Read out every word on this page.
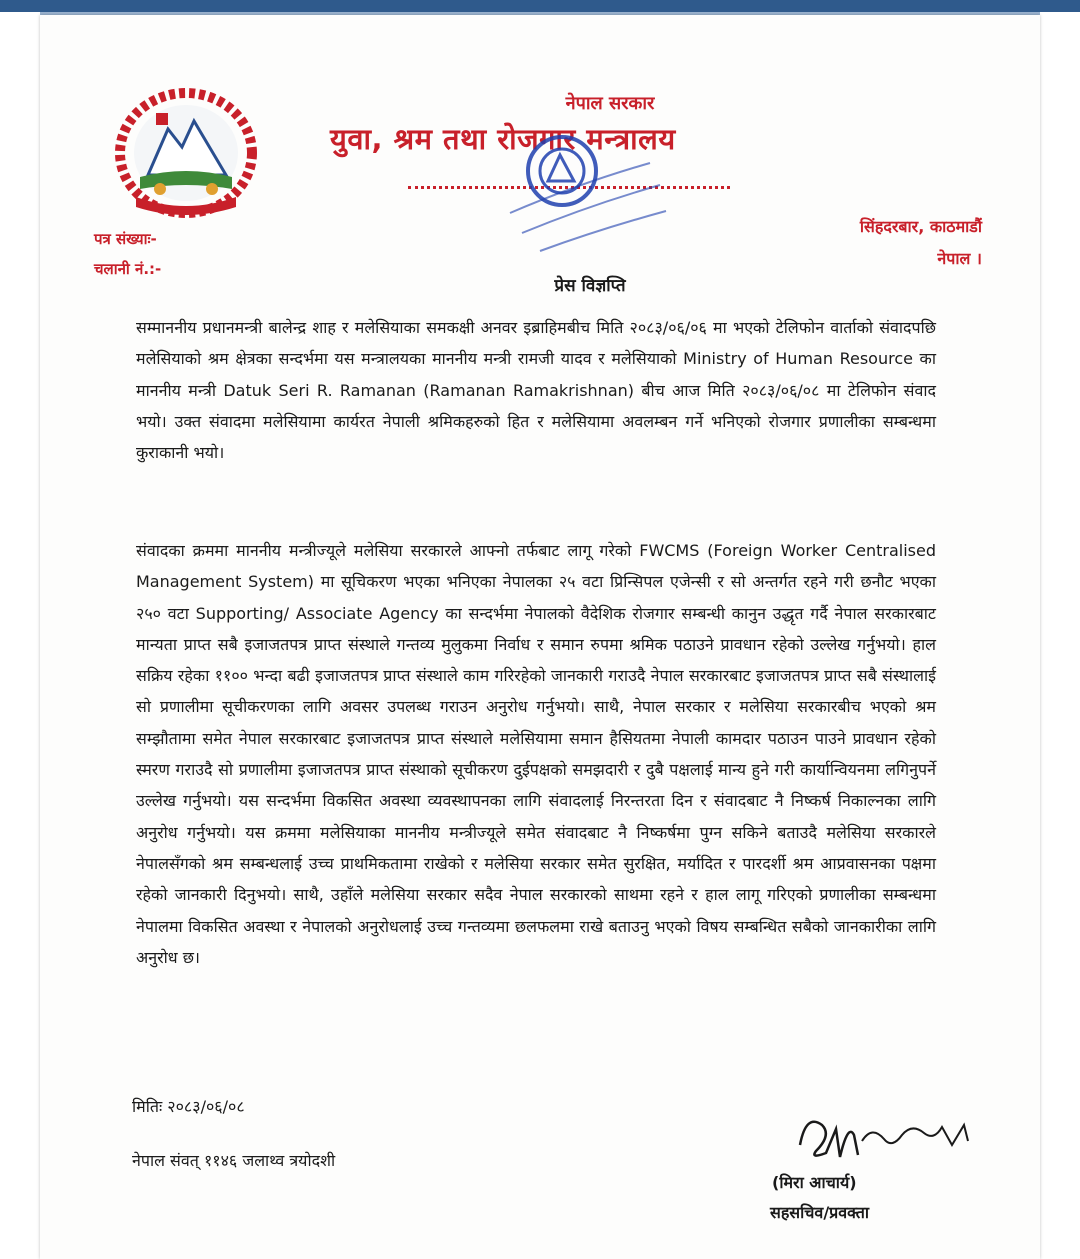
नेपाल सरकार
युवा, श्रम तथा रोजगार मन्त्रालय
पत्र संख्याः-
चलानी नं.:-
सिंहदरबार, काठमाडौं
नेपाल ।
प्रेस विज्ञप्ति

सम्माननीय प्रधानमन्त्री बालेन्द्र शाह र मलेसियाका समकक्षी अनवर इब्राहिमबीच मिति २०८३/०६/०६ मा भएको टेलिफोन वार्ताको संवादपछि मलेसियाको श्रम क्षेत्रका सन्दर्भमा यस मन्त्रालयका माननीय मन्त्री रामजी यादव र मलेसियाको Ministry of Human Resource का माननीय मन्त्री Datuk Seri R. Ramanan (Ramanan Ramakrishnan) बीच आज मिति २०८३/०६/०८ मा टेलिफोन संवाद भयो। उक्त संवादमा मलेसियामा कार्यरत नेपाली श्रमिकहरुको हित र मलेसियामा अवलम्बन गर्ने भनिएको रोजगार प्रणालीका सम्बन्धमा कुराकानी भयो।

संवादका क्रममा माननीय मन्त्रीज्यूले मलेसिया सरकारले आफ्नो तर्फबाट लागू गरेको FWCMS (Foreign Worker Centralised Management System) मा सूचिकरण भएका भनिएका नेपालका २५ वटा प्रिन्सिपल एजेन्सी र सो अन्तर्गत रहने गरी छनौट भएका २५० वटा Supporting/ Associate Agency का सन्दर्भमा नेपालको वैदेशिक रोजगार सम्बन्धी कानुन उद्धृत गर्दै नेपाल सरकारबाट मान्यता प्राप्त सबै इजाजतपत्र प्राप्त संस्थाले गन्तव्य मुलुकमा निर्वाध र समान रुपमा श्रमिक पठाउने प्रावधान रहेको उल्लेख गर्नुभयो। हाल सक्रिय रहेका ११०० भन्दा बढी इजाजतपत्र प्राप्त संस्थाले काम गरिरहेको जानकारी गराउदै नेपाल सरकारबाट इजाजतपत्र प्राप्त सबै संस्थालाई सो प्रणालीमा सूचीकरणका लागि अवसर उपलब्ध गराउन अनुरोध गर्नुभयो। साथै, नेपाल सरकार र मलेसिया सरकारबीच भएको श्रम सम्झौतामा समेत नेपाल सरकारबाट इजाजतपत्र प्राप्त संस्थाले मलेसियामा समान हैसियतमा नेपाली कामदार पठाउन पाउने प्रावधान रहेको स्मरण गराउदै सो प्रणालीमा इजाजतपत्र प्राप्त संस्थाको सूचीकरण दुईपक्षको समझदारी र दुबै पक्षलाई मान्य हुने गरी कार्यान्वियनमा लगिनुपर्ने उल्लेख गर्नुभयो। यस सन्दर्भमा विकसित अवस्था व्यवस्थापनका लागि संवादलाई निरन्तरता दिन र संवादबाट नै निष्कर्ष निकाल्नका लागि अनुरोध गर्नुभयो। यस क्रममा मलेसियाका माननीय मन्त्रीज्यूले समेत संवादबाट नै निष्कर्षमा पुग्न सकिने बताउदै मलेसिया सरकारले नेपालसँगको श्रम सम्बन्धलाई उच्च प्राथमिकतामा राखेको र मलेसिया सरकार समेत सुरक्षित, मर्यादित र पारदर्शी श्रम आप्रवासनका पक्षमा रहेको जानकारी दिनुभयो। साथै, उहाँले मलेसिया सरकार सदैव नेपाल सरकारको साथमा रहने र हाल लागू गरिएको प्रणालीका सम्बन्धमा नेपालमा विकसित अवस्था र नेपालको अनुरोधलाई उच्च गन्तव्यमा छलफलमा राखे बताउनु भएको विषय सम्बन्धित सबैको जानकारीका लागि अनुरोध छ।

मितिः २०८३/०६/०८
नेपाल संवत् ११४६ जलाथ्व त्रयोदशी
(मिरा आचार्य)
सहसचिव/प्रवक्ता
